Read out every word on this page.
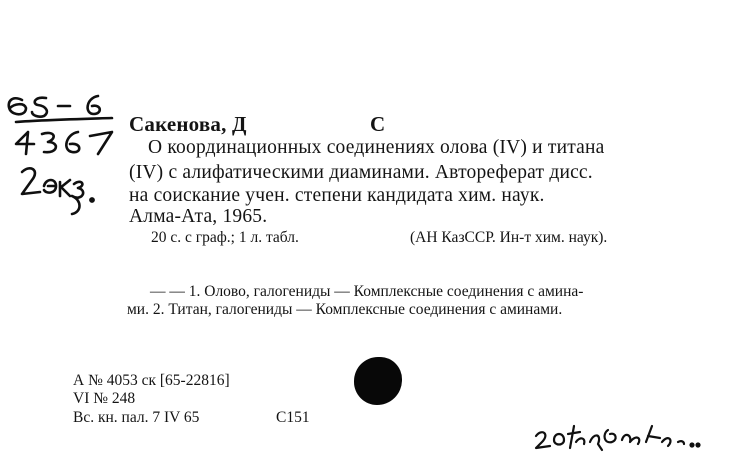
Сакенова, Д	С
О координационных соединениях олова (IV) и титана
(IV) с алифатическими диаминами. Автореферат дисс.
на соискание учен. степени кандидата хим. наук.
Алма-Ата, 1965.
20 с. с граф.; 1 л. табл.	(АН КазССР. Ин-т хим. наук).
— — 1. Олово, галогениды — Комплексные соединения с амина-
ми. 2. Титан, галогениды — Комплексные соединения с аминами.
А № 4053 ск [65-22816]
VI № 248
Вс. кн. пал. 7 IV 65	С151
